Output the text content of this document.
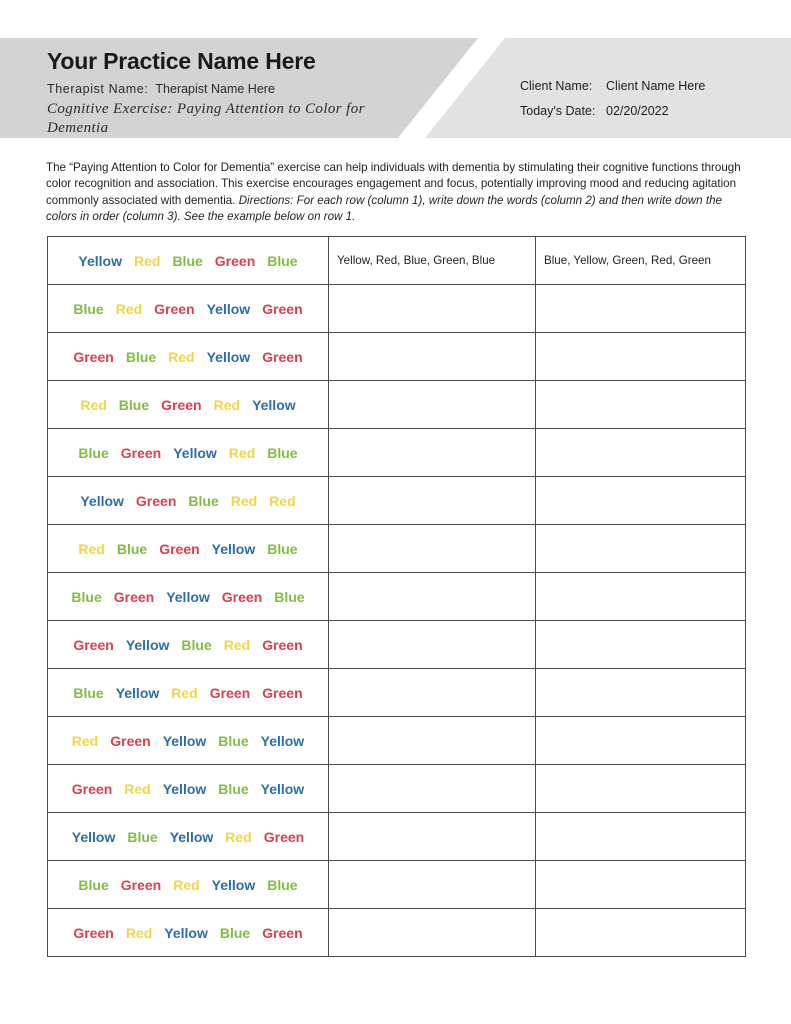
Your Practice Name Here
Therapist Name: Therapist Name Here
Cognitive Exercise: Paying Attention to Color for Dementia
Client Name: Client Name Here
Today's Date: 02/20/2022
The “Paying Attention to Color for Dementia” exercise can help individuals with dementia by stimulating their cognitive functions through color recognition and association. This exercise encourages engagement and focus, potentially improving mood and reducing agitation commonly associated with dementia. Directions: For each row (column 1), write down the words (column 2) and then write down the colors in order (column 3). See the example below on row 1.
Yellow Red Blue Green Blue	Yellow, Red, Blue, Green, Blue	Blue, Yellow, Green, Red, Green

Blue Red Green Yellow Green		

Green Blue Red Yellow Green		

Red Blue Green Red Yellow		

Blue Green Yellow Red Blue		

Yellow Green Blue Red Red		

Red Blue Green Yellow Blue		

Blue Green Yellow Green Blue		

Green Yellow Blue Red Green		

Blue Yellow Red Green Green		

Red Green Yellow Blue Yellow		

Green Red Yellow Blue Yellow		

Yellow Blue Yellow Red Green		

Blue Green Red Yellow Blue		

Green Red Yellow Blue Green		
